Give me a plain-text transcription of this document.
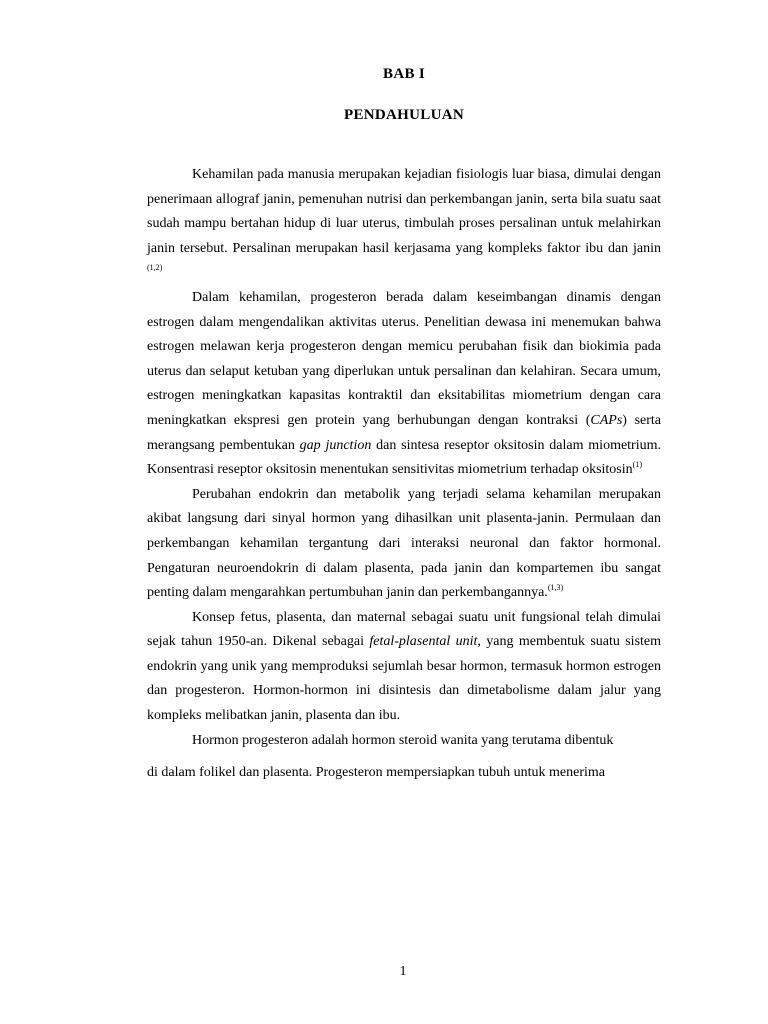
BAB I
PENDAHULUAN

Kehamilan pada manusia merupakan kejadian fisiologis luar biasa, dimulai dengan penerimaan allograf janin, pemenuhan nutrisi dan perkembangan janin, serta bila suatu saat sudah mampu bertahan hidup di luar uterus, timbulah proses persalinan untuk melahirkan janin tersebut. Persalinan merupakan hasil kerjasama yang kompleks faktor ibu dan janin $^{(1,2)}$

Dalam kehamilan, progesteron berada dalam keseimbangan dinamis dengan estrogen dalam mengendalikan aktivitas uterus. Penelitian dewasa ini menemukan bahwa estrogen melawan kerja progesteron dengan memicu perubahan fisik dan biokimia pada uterus dan selaput ketuban yang diperlukan untuk persalinan dan kelahiran. Secara umum, estrogen meningkatkan kapasitas kontraktil dan eksitabilitas miometrium dengan cara meningkatkan ekspresi gen protein yang berhubungan dengan kontraksi (CAPs) serta merangsang pembentukan gap junction dan sintesa reseptor oksitosin dalam miometrium. Konsentrasi reseptor oksitosin menentukan sensitivitas miometrium terhadap oksitosin$^{(1)}$

Perubahan endokrin dan metabolik yang terjadi selama kehamilan merupakan akibat langsung dari sinyal hormon yang dihasilkan unit plasenta-janin. Permulaan dan perkembangan kehamilan tergantung dari interaksi neuronal dan faktor hormonal. Pengaturan neuroendokrin di dalam plasenta, pada janin dan kompartemen ibu sangat penting dalam mengarahkan pertumbuhan janin dan perkembangannya.$^{(1,3)}$

Konsep fetus, plasenta, dan maternal sebagai suatu unit fungsional telah dimulai sejak tahun 1950-an. Dikenal sebagai fetal-plasental unit, yang membentuk suatu sistem endokrin yang unik yang memproduksi sejumlah besar hormon, termasuk hormon estrogen dan progesteron. Hormon-hormon ini disintesis dan dimetabolisme dalam jalur yang kompleks melibatkan janin, plasenta dan ibu.

Hormon progesteron adalah hormon steroid wanita yang terutama dibentuk

di dalam folikel dan plasenta. Progesteron mempersiapkan tubuh untuk menerima

1
